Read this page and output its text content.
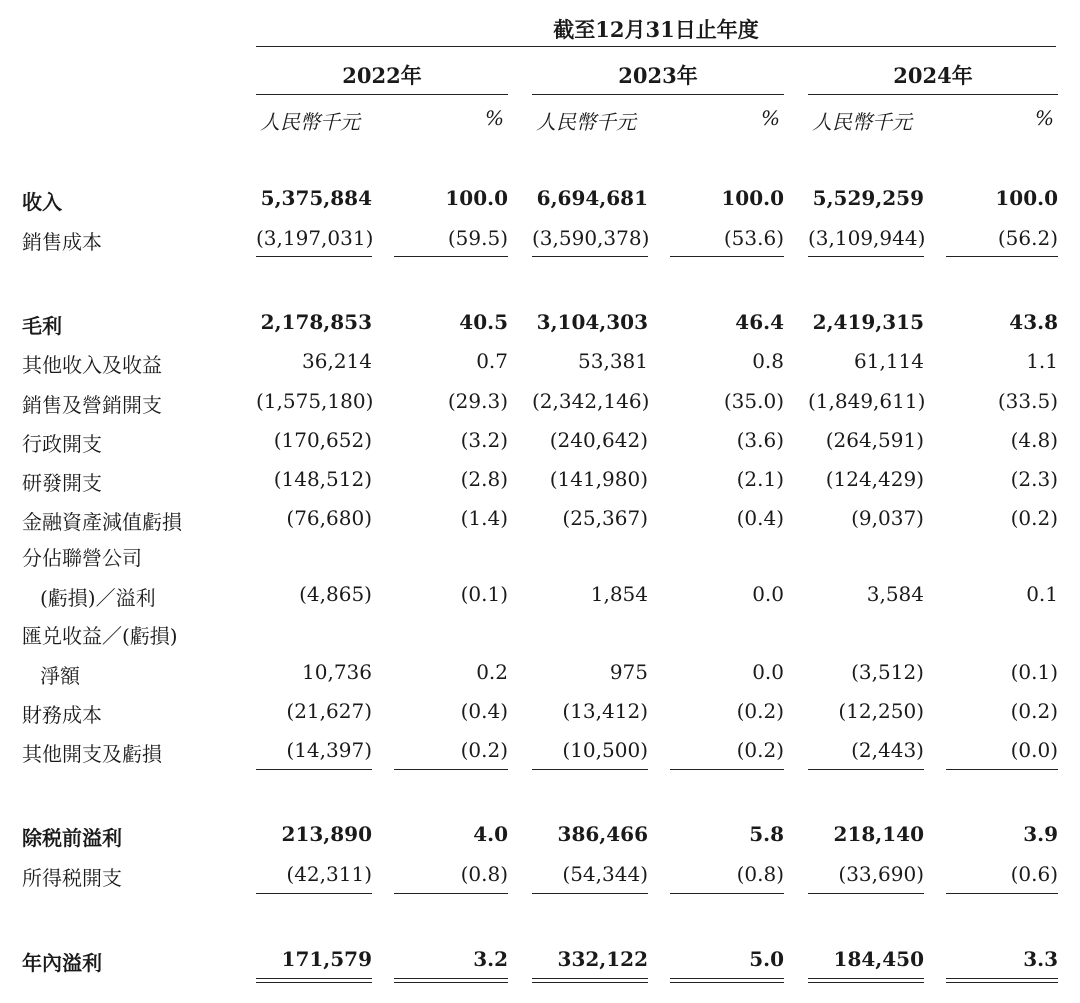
截至12月31日止年度
2022年	2023年	2024年
人民幣千元	% 人民幣千元	% 人民幣千元	%
收入	5,375,884	100.0 6,694,681	100.0 5,529,259	100.0
銷售成本	(3,197,031)	(59.5) (3,590,378)	(53.6) (3,109,944)	(56.2)
毛利	2,178,853	40.5 3,104,303	46.4 2,419,315	43.8
其他收入及收益	36,214	0.7	53,381	0.8	61,114	1.1
銷售及營銷開支	(1,575,180)	(29.3) (2,342,146)	(35.0) (1,849,611)	(33.5)
行政開支	(170,652)	(3.2)	(240,642)	(3.6)	(264,591)	(4.8)
研發開支	(148,512)	(2.8)	(141,980)	(2.1)	(124,429)	(2.3)
金融資產減值虧損	(76,680)	(1.4)	(25,367)	(0.4)	(9,037)	(0.2)
分佔聯營公司
(虧損)／溢利	(4,865)	(0.1)	1,854	0.0	3,584	0.1
匯兑收益／(虧損)
淨額	10,736	0.2	975	0.0	(3,512)	(0.1)
財務成本	(21,627)	(0.4)	(13,412)	(0.2)	(12,250)	(0.2)
其他開支及虧損	(14,397)	(0.2)	(10,500)	(0.2)	(2,443)	(0.0)
除税前溢利	213,890	4.0	386,466	5.8	218,140	3.9
所得税開支	(42,311)	(0.8)	(54,344)	(0.8)	(33,690)	(0.6)
年內溢利	171,579	3.2	332,122	5.0	184,450	3.3
